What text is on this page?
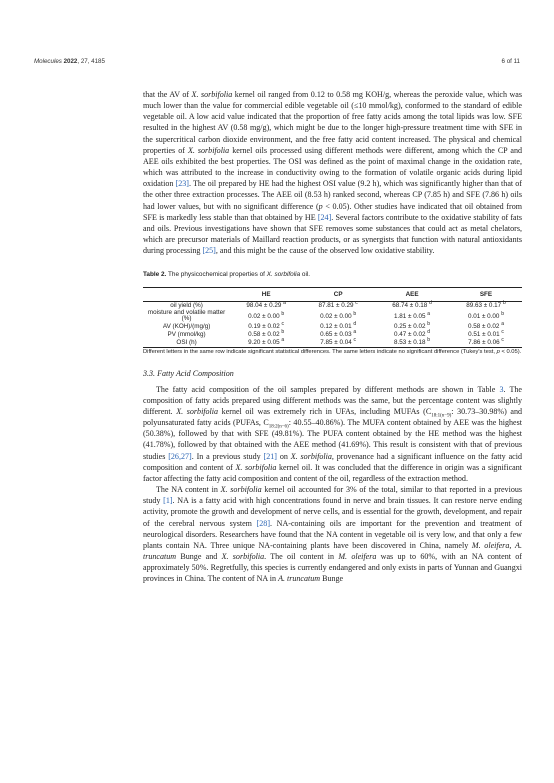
Molecules 2022, 27, 4185	6 of 11

that the AV of X. sorbifolia kernel oil ranged from 0.12 to 0.58 mg KOH/g, whereas the peroxide value, which was much lower than the value for commercial edible vegetable oil (≤10 mmol/kg), conformed to the standard of edible vegetable oil. A low acid value indicated that the proportion of free fatty acids among the total lipids was low. SFE resulted in the highest AV (0.58 mg/g), which might be due to the longer high-pressure treatment time with SFE in the supercritical carbon dioxide environment, and the free fatty acid content increased. The physical and chemical properties of X. sorbifolia kernel oils processed using different methods were different, among which the CP and AEE oils exhibited the best properties. The OSI was defined as the point of maximal change in the oxidation rate, which was attributed to the increase in conductivity owing to the formation of volatile organic acids during lipid oxidation [23]. The oil prepared by HE had the highest OSI value (9.2 h), which was significantly higher than that of the other three extraction processes. The AEE oil (8.53 h) ranked second, whereas CP (7.85 h) and SFE (7.86 h) oils had lower values, but with no significant difference (p < 0.05). Other studies have indicated that oil obtained from SFE is markedly less stable than that obtained by HE [24]. Several factors contribute to the oxidative stability of fats and oils. Previous investigations have shown that SFE removes some substances that could act as metal chelators, which are precursor materials of Maillard reaction products, or as synergists that function with natural antioxidants during processing [25], and this might be the cause of the observed low oxidative stability.

Table 2. The physicochemical properties of X. sorbifolia oil.

	HE	CP	AEE	SFE
oil yield (%)	98.04 ± 0.29 $^a$	87.81 ± 0.29 $^c$	68.74 ± 0.18 $^d$	89.63 ± 0.17 $^b$
moisture and volatile matter (%)	0.02 ± 0.00 $^b$	0.02 ± 0.00 $^b$	1.81 ± 0.05 $^a$	0.01 ± 0.00 $^b$
AV (KOH)/(mg/g)	0.19 ± 0.02 $^c$	0.12 ± 0.01 $^d$	0.25 ± 0.02 $^b$	0.58 ± 0.02 $^a$
PV (mmol/kg)	0.58 ± 0.02 $^b$	0.65 ± 0.03 $^a$	0.47 ± 0.02 $^d$	0.51 ± 0.01 $^c$
OSI (h)	9.20 ± 0.05 $^a$	7.85 ± 0.04 $^c$	8.53 ± 0.18 $^b$	7.86 ± 0.06 $^c$

Different letters in the same row indicate significant statistical differences. The same letters indicate no significant difference (Tukey's test, p < 0.05).

3.3. Fatty Acid Composition

The fatty acid composition of the oil samples prepared by different methods are shown in Table 3. The composition of fatty acids prepared using different methods was the same, but the percentage content was slightly different. X. sorbifolia kernel oil was extremely rich in UFAs, including MUFAs ($C_{18:1(n-9)}$: 30.73–30.98%) and polyunsaturated fatty acids (PUFAs, $C_{18:2(n-6)}$: 40.55–40.86%). The MUFA content obtained by AEE was the highest (50.38%), followed by that with SFE (49.81%). The PUFA content obtained by the HE method was the highest (41.78%), followed by that obtained with the AEE method (41.69%). This result is consistent with that of previous studies [26,27]. In a previous study [21] on X. sorbifolia, provenance had a significant influence on the fatty acid composition and content of X. sorbifolia kernel oil. It was concluded that the difference in origin was a significant factor affecting the fatty acid composition and content of the oil, regardless of the extraction method.

The NA content in X. sorbifolia kernel oil accounted for 3% of the total, similar to that reported in a previous study [1]. NA is a fatty acid with high concentrations found in nerve and brain tissues. It can restore nerve ending activity, promote the growth and development of nerve cells, and is essential for the growth, development, and repair of the cerebral nervous system [28]. NA-containing oils are important for the prevention and treatment of neurological disorders. Researchers have found that the NA content in vegetable oil is very low, and that only a few plants contain NA. Three unique NA-containing plants have been discovered in China, namely M. oleifera, A. truncatum Bunge and X. sorbifolia. The oil content in M. oleifera was up to 60%, with an NA content of approximately 50%. Regretfully, this species is currently endangered and only exists in parts of Yunnan and Guangxi provinces in China. The content of NA in A. truncatum Bunge
